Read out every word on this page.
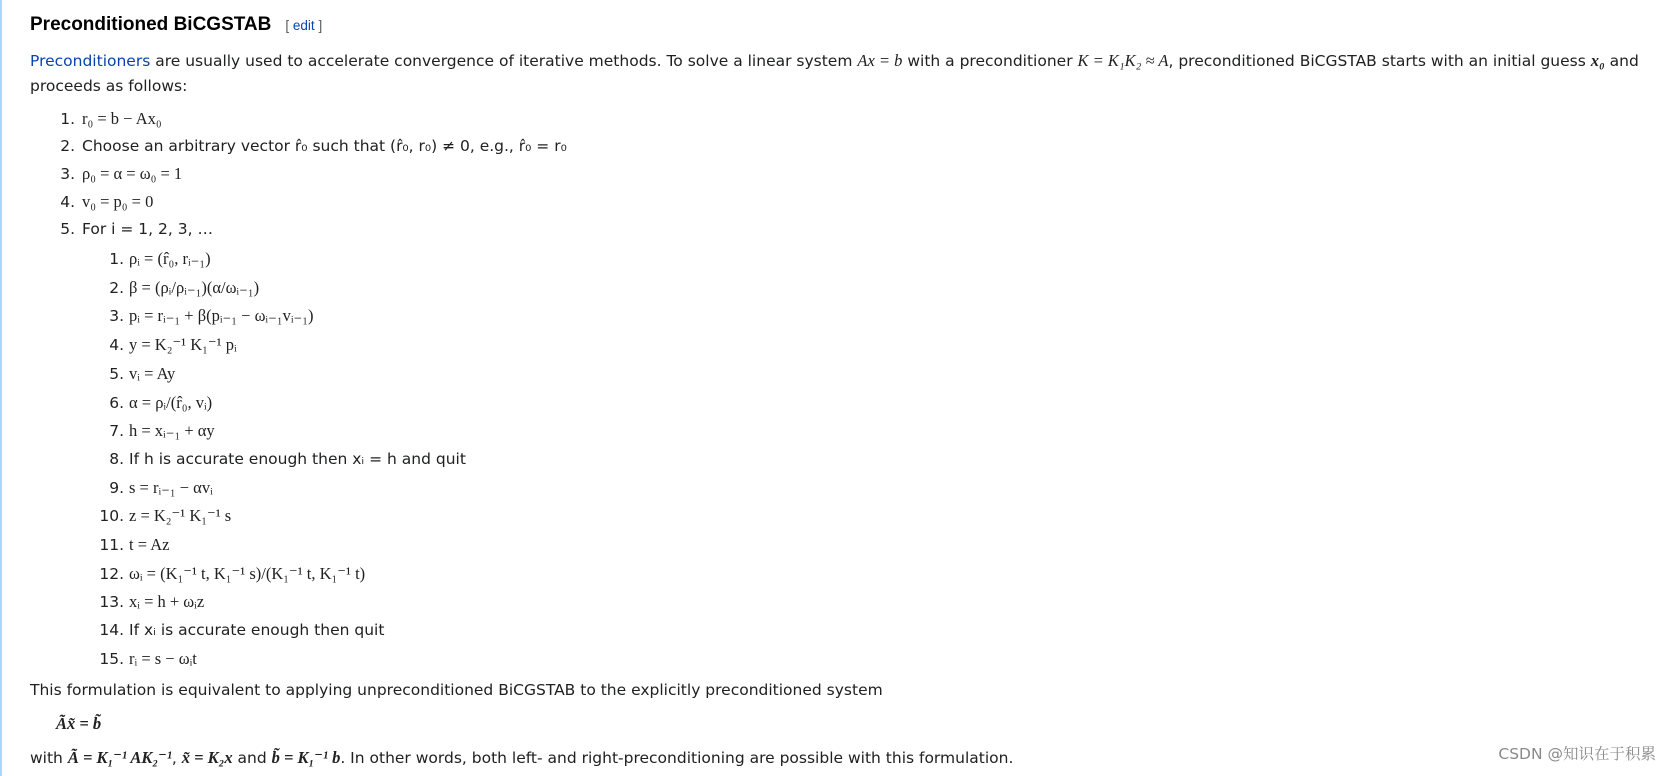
Preconditioned BiCGSTAB [ edit ]

Preconditioners are usually used to accelerate convergence of iterative methods. To solve a linear system Ax = b with a preconditioner K = K₁K₂ ≈ A, preconditioned BiCGSTAB starts with an initial guess x₀ and proceeds as follows:

1. r₀ = b − Ax₀
2. Choose an arbitrary vector r̂₀ such that (r̂₀, r₀) ≠ 0, e.g., r̂₀ = r₀
3. ρ₀ = α = ω₀ = 1
4. v₀ = p₀ = 0
5. For i = 1, 2, 3, …
1. ρᵢ = (r̂₀, rᵢ₋₁)
2. β = (ρᵢ/ρᵢ₋₁)(α/ωᵢ₋₁)
3. pᵢ = rᵢ₋₁ + β(pᵢ₋₁ − ωᵢ₋₁vᵢ₋₁)
4. y = K₂⁻¹ K₁⁻¹ pᵢ
5. vᵢ = Ay
6. α = ρᵢ/(r̂₀, vᵢ)
7. h = xᵢ₋₁ + αy
8. If h is accurate enough then xᵢ = h and quit
9. s = rᵢ₋₁ − αvᵢ
10. z = K₂⁻¹ K₁⁻¹ s
11. t = Az
12. ωᵢ = (K₁⁻¹ t, K₁⁻¹ s)/(K₁⁻¹ t, K₁⁻¹ t)
13. xᵢ = h + ωᵢz
14. If xᵢ is accurate enough then quit
15. rᵢ = s − ωᵢt

This formulation is equivalent to applying unpreconditioned BiCGSTAB to the explicitly preconditioned system

Ãx̃ = b̃

with Ã = K₁⁻¹ AK₂⁻¹, x̃ = K₂x and b̃ = K₁⁻¹ b. In other words, both left- and right-preconditioning are possible with this formulation.	CSDN @知识在于积累
